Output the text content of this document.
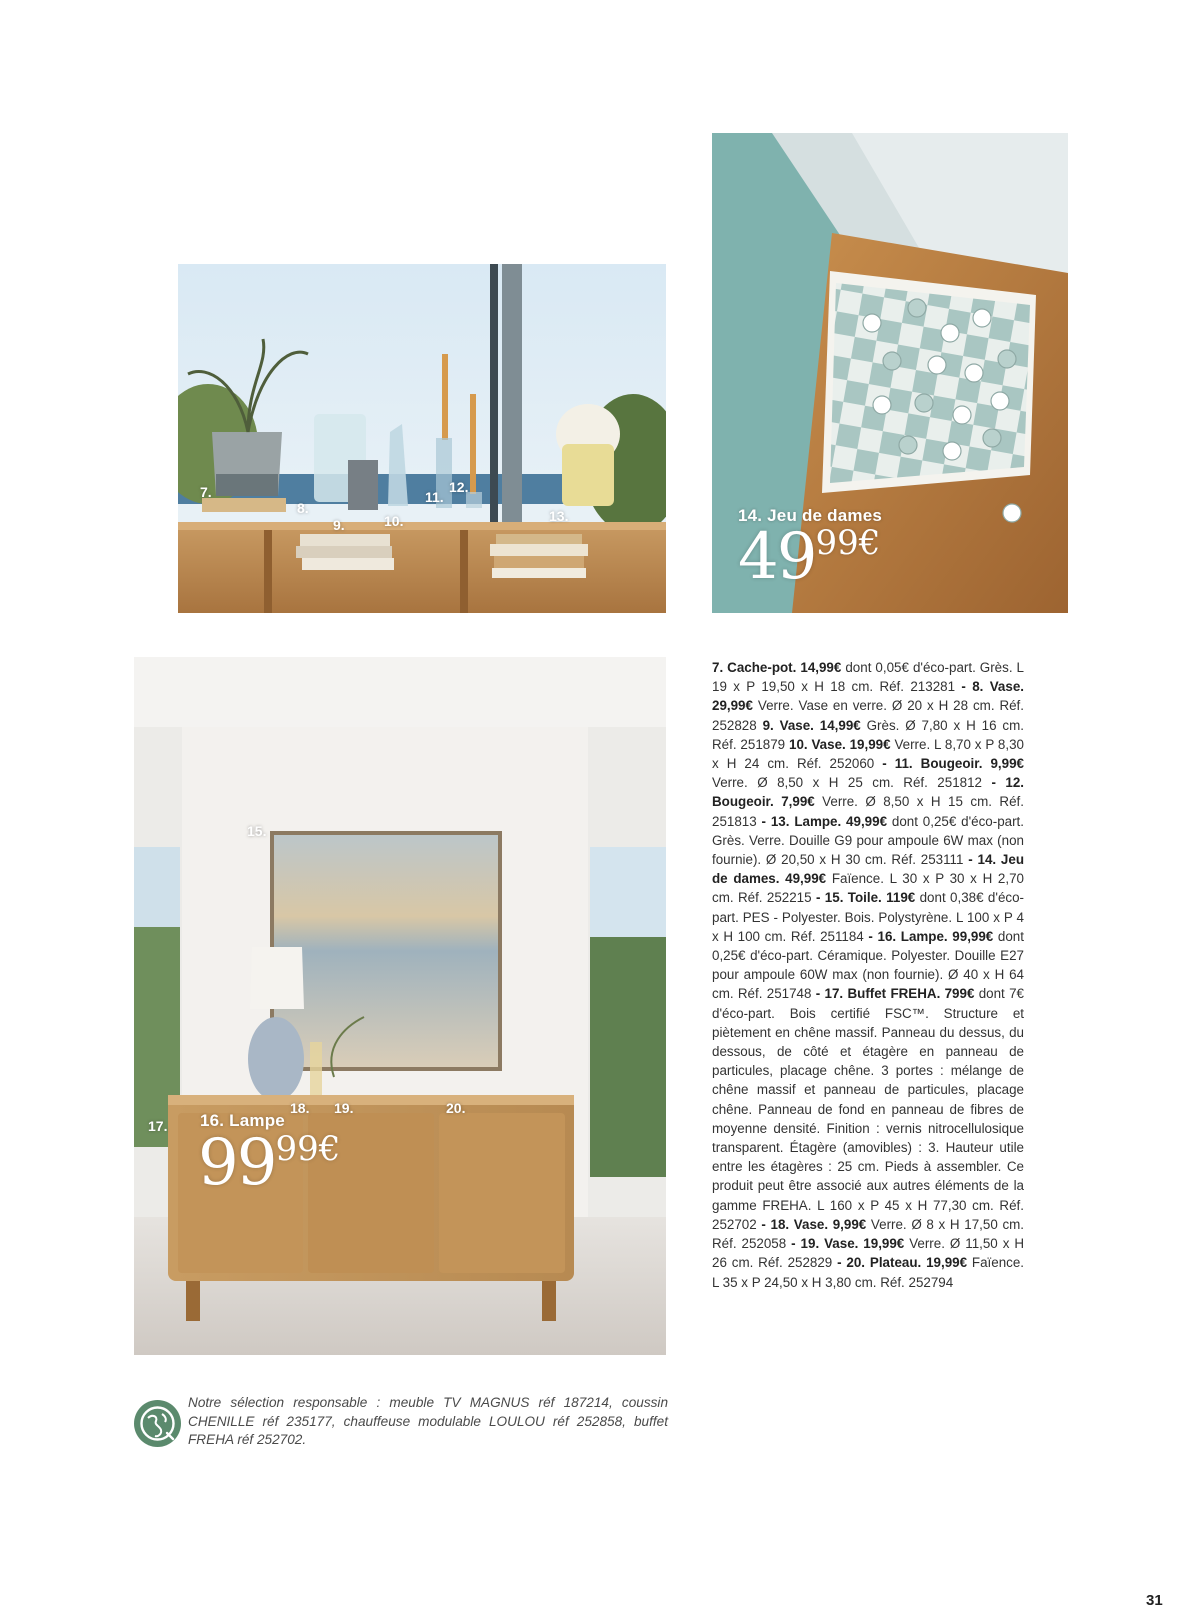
7.
8.
9.	10.
11.
12.
13.	14. Jeu de dames
4999€
15.
17.
18. 19.	20.
16. Lampe
9999€
7. Cache-pot. 14,99€ dont 0,05€ d'éco-part. Grès. L 19 x P 19,50 x H 18 cm. Réf. 213281 - 8. Vase. 29,99€ Verre. Vase en verre. Ø 20 x H 28 cm. Réf. 252828 9. Vase. 14,99€ Grès. Ø 7,80 x H 16 cm. Réf. 251879 10. Vase. 19,99€ Verre. L 8,70 x P 8,30 x H 24 cm. Réf. 252060 - 11. Bougeoir. 9,99€ Verre. Ø 8,50 x H 25 cm. Réf. 251812 - 12. Bougeoir. 7,99€ Verre. Ø 8,50 x H 15 cm. Réf. 251813 - 13. Lampe. 49,99€ dont 0,25€ d'éco-part. Grès. Verre. Douille G9 pour ampoule 6W max (non fournie). Ø 20,50 x H 30 cm. Réf. 253111 - 14. Jeu de dames. 49,99€ Faïence. L 30 x P 30 x H 2,70 cm. Réf. 252215 - 15. Toile. 119€ dont 0,38€ d'éco-part. PES - Polyester. Bois. Polystyrène. L 100 x P 4 x H 100 cm. Réf. 251184 - 16. Lampe. 99,99€ dont 0,25€ d'éco-part. Céramique. Polyester. Douille E27 pour ampoule 60W max (non fournie). Ø 40 x H 64 cm. Réf. 251748 - 17. Buffet FREHA. 799€ dont 7€ d'éco-part. Bois certifié FSC™. Structure et piètement en chêne massif. Panneau du dessus, du dessous, de côté et étagère en panneau de particules, placage chêne. 3 portes : mélange de chêne massif et panneau de particules, placage chêne. Panneau de fond en panneau de fibres de moyenne densité. Finition : vernis nitrocellulosique transparent. Étagère (amovibles) : 3. Hauteur utile entre les étagères : 25 cm. Pieds à assembler. Ce produit peut être associé aux autres éléments de la gamme FREHA. L 160 x P 45 x H 77,30 cm. Réf. 252702 - 18. Vase. 9,99€ Verre. Ø 8 x H 17,50 cm. Réf. 252058 - 19. Vase. 19,99€ Verre. Ø 11,50 x H 26 cm. Réf. 252829 - 20. Plateau. 19,99€ Faïence. L 35 x P 24,50 x H 3,80 cm. Réf. 252794
Notre sélection responsable : meuble TV MAGNUS réf 187214, coussin CHENILLE réf 235177, chauffeuse modulable LOULOU réf 252858, buffet FREHA réf 252702.
31
